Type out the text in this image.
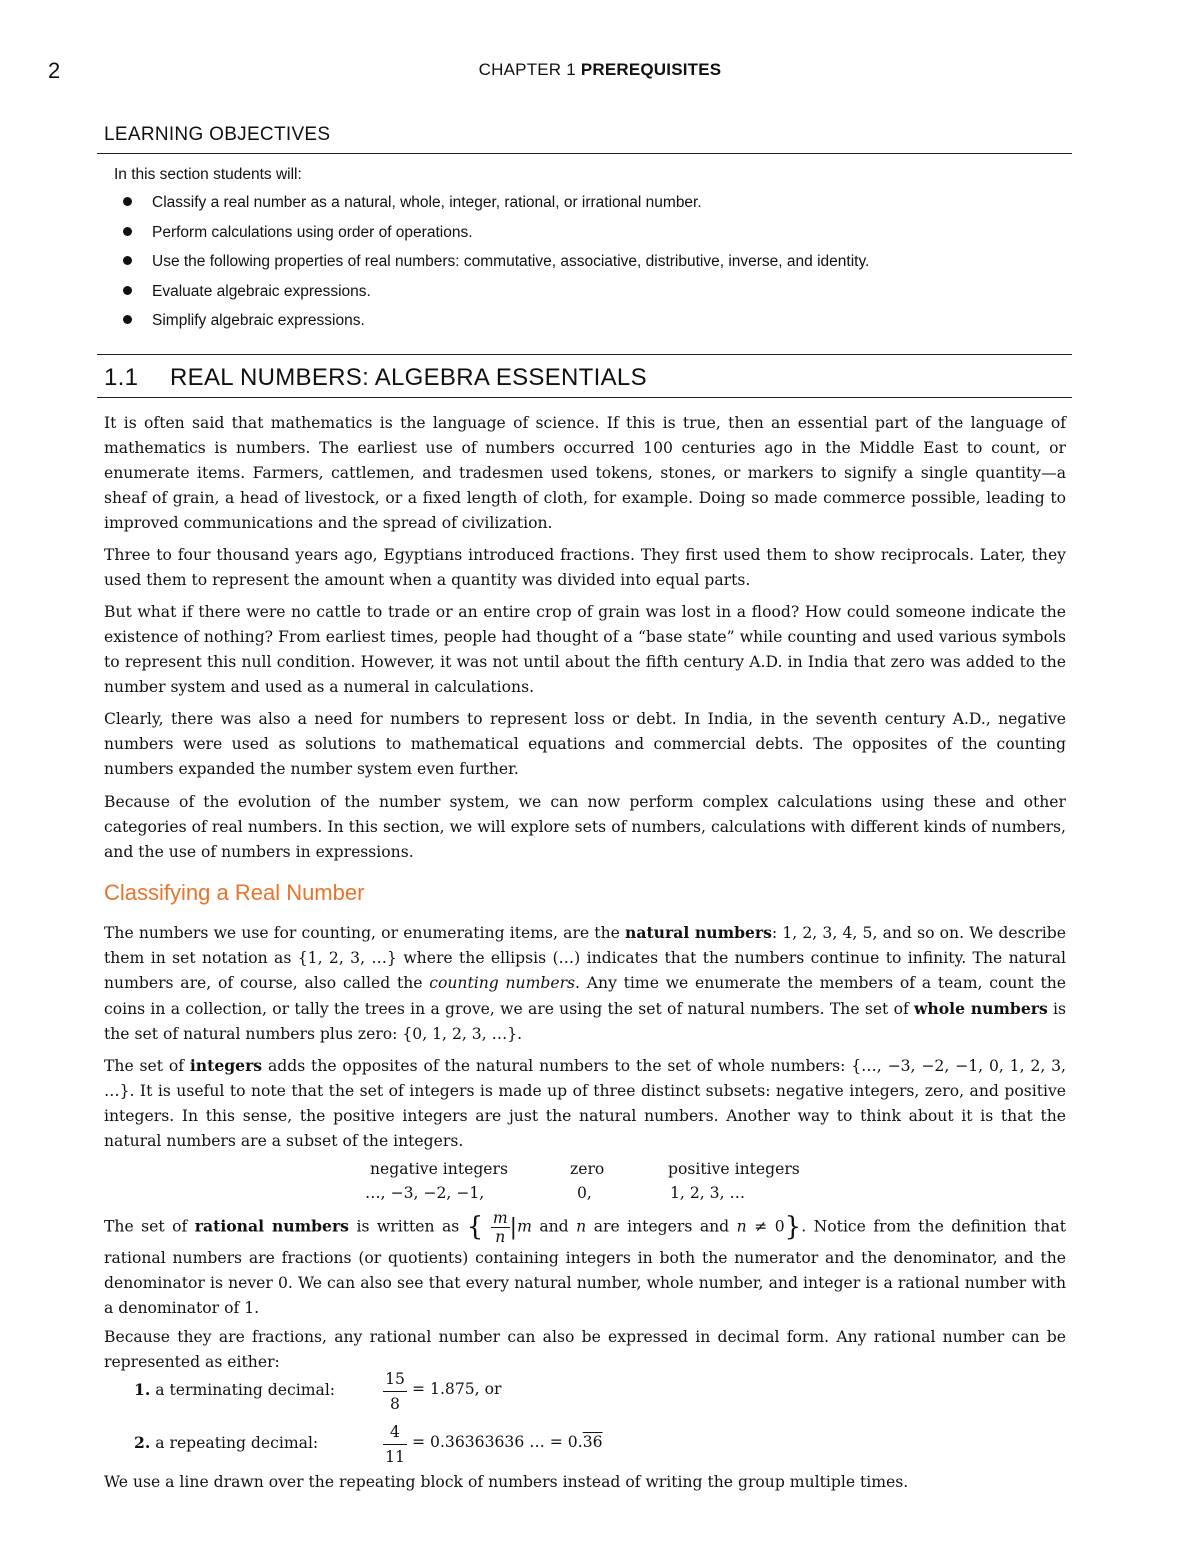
2	CHAPTER 1 PREREQUISITES
LEARNING OBJECTIVES
In this section students will:
Classify a real number as a natural, whole, integer, rational, or irrational number.
Perform calculations using order of operations.
Use the following properties of real numbers: commutative, associative, distributive, inverse, and identity.
Evaluate algebraic expressions.
Simplify algebraic expressions.
1.1 REAL NUMBERS: ALGEBRA ESSENTIALS
It is often said that mathematics is the language of science. If this is true, then an essential part of the language of mathematics is numbers. The earliest use of numbers occurred 100 centuries ago in the Middle East to count, or enumerate items. Farmers, cattlemen, and tradesmen used tokens, stones, or markers to signify a single quantity—a sheaf of grain, a head of livestock, or a fixed length of cloth, for example. Doing so made commerce possible, leading to improved communications and the spread of civilization.
Three to four thousand years ago, Egyptians introduced fractions. They first used them to show reciprocals. Later, they used them to represent the amount when a quantity was divided into equal parts.
But what if there were no cattle to trade or an entire crop of grain was lost in a flood? How could someone indicate the existence of nothing? From earliest times, people had thought of a “base state” while counting and used various symbols to represent this null condition. However, it was not until about the fifth century A.D. in India that zero was added to the number system and used as a numeral in calculations.
Clearly, there was also a need for numbers to represent loss or debt. In India, in the seventh century A.D., negative numbers were used as solutions to mathematical equations and commercial debts. The opposites of the counting numbers expanded the number system even further.
Because of the evolution of the number system, we can now perform complex calculations using these and other categories of real numbers. In this section, we will explore sets of numbers, calculations with different kinds of numbers, and the use of numbers in expressions.
Classifying a Real Number
The numbers we use for counting, or enumerating items, are the natural numbers: 1, 2, 3, 4, 5, and so on. We describe them in set notation as {1, 2, 3, …} where the ellipsis (…) indicates that the numbers continue to infinity. The natural numbers are, of course, also called the counting numbers. Any time we enumerate the members of a team, count the coins in a collection, or tally the trees in a grove, we are using the set of natural numbers. The set of whole numbers is the set of natural numbers plus zero: {0, 1, 2, 3, …}.
The set of integers adds the opposites of the natural numbers to the set of whole numbers: {…, −3, −2, −1, 0, 1, 2, 3, …}. It is useful to note that the set of integers is made up of three distinct subsets: negative integers, zero, and positive integers. In this sense, the positive integers are just the natural numbers. Another way to think about it is that the natural numbers are a subset of the integers.
negative integers	zero	positive integers
…, −3, −2, −1,	0,	1, 2, 3, …
The set of rational numbers is written as { $\frac{m}{n} |m$ and n are integers and n ≠ 0}. Notice from the definition that rational numbers are fractions (or quotients) containing integers in both the numerator and the denominator, and the denominator is never 0. We can also see that every natural number, whole number, and integer is a rational number with a denominator of 1.
Because they are fractions, any rational number can also be expressed in decimal form. Any rational number can be represented as either:
1. a terminating decimal:	$\frac{15}{8} = 1.875$, or
2. a repeating decimal:	$\frac{4}{11} = 0.36363636$ … = 0.36
We use a line drawn over the repeating block of numbers instead of writing the group multiple times.
